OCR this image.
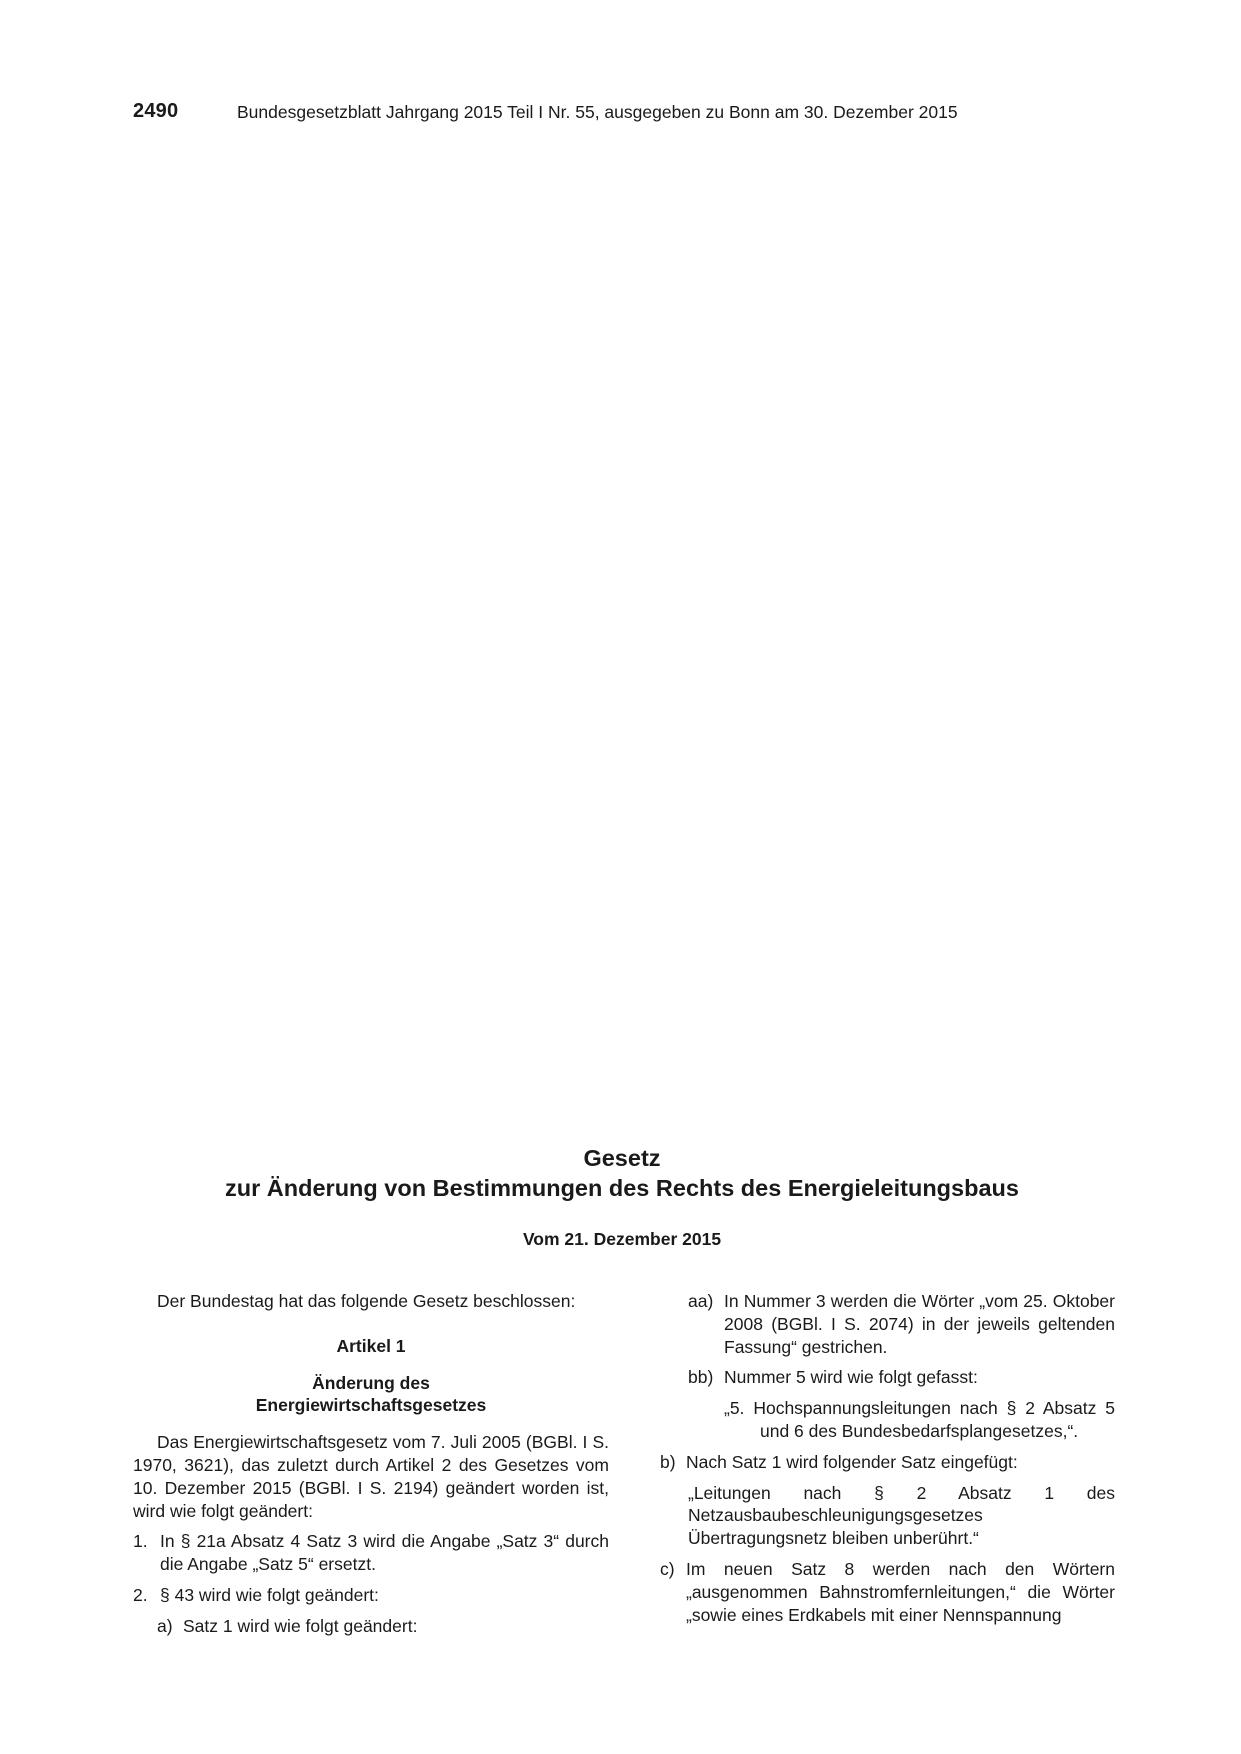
2490	Bundesgesetzblatt Jahrgang 2015 Teil I Nr. 55, ausgegeben zu Bonn am 30. Dezember 2015
Gesetz
zur Änderung von Bestimmungen des Rechts des Energieleitungsbaus
Vom 21. Dezember 2015

Der Bundestag hat das folgende Gesetz beschlossen:

Artikel 1

Änderung des

Energiewirtschaftsgesetzes

Das Energiewirtschaftsgesetz vom 7. Juli 2005 (BGBl. I S. 1970, 3621), das zuletzt durch Artikel 2 des Gesetzes vom 10. Dezember 2015 (BGBl. I S. 2194) geändert worden ist, wird wie folgt geändert:

1. In § 21a Absatz 4 Satz 3 wird die Angabe „Satz 3“ durch die Angabe „Satz 5“ ersetzt.
2. § 43 wird wie folgt geändert:
a) Satz 1 wird wie folgt geändert:
aa) In Nummer 3 werden die Wörter „vom 25. Oktober 2008 (BGBl. I S. 2074) in der jeweils geltenden Fassung“ gestrichen.
bb) Nummer 5 wird wie folgt gefasst:

„5. Hochspannungsleitungen nach § 2 Absatz 5 und 6 des Bundesbedarfsplangesetzes,“.

b) Nach Satz 1 wird folgender Satz eingefügt:

„Leitungen nach § 2 Absatz 1 des Netzausbaubeschleunigungsgesetzes Übertragungsnetz bleiben unberührt.“

c) Im neuen Satz 8 werden nach den Wörtern „ausgenommen Bahnstromfernleitungen,“ die Wörter „sowie eines Erdkabels mit einer Nennspannung
